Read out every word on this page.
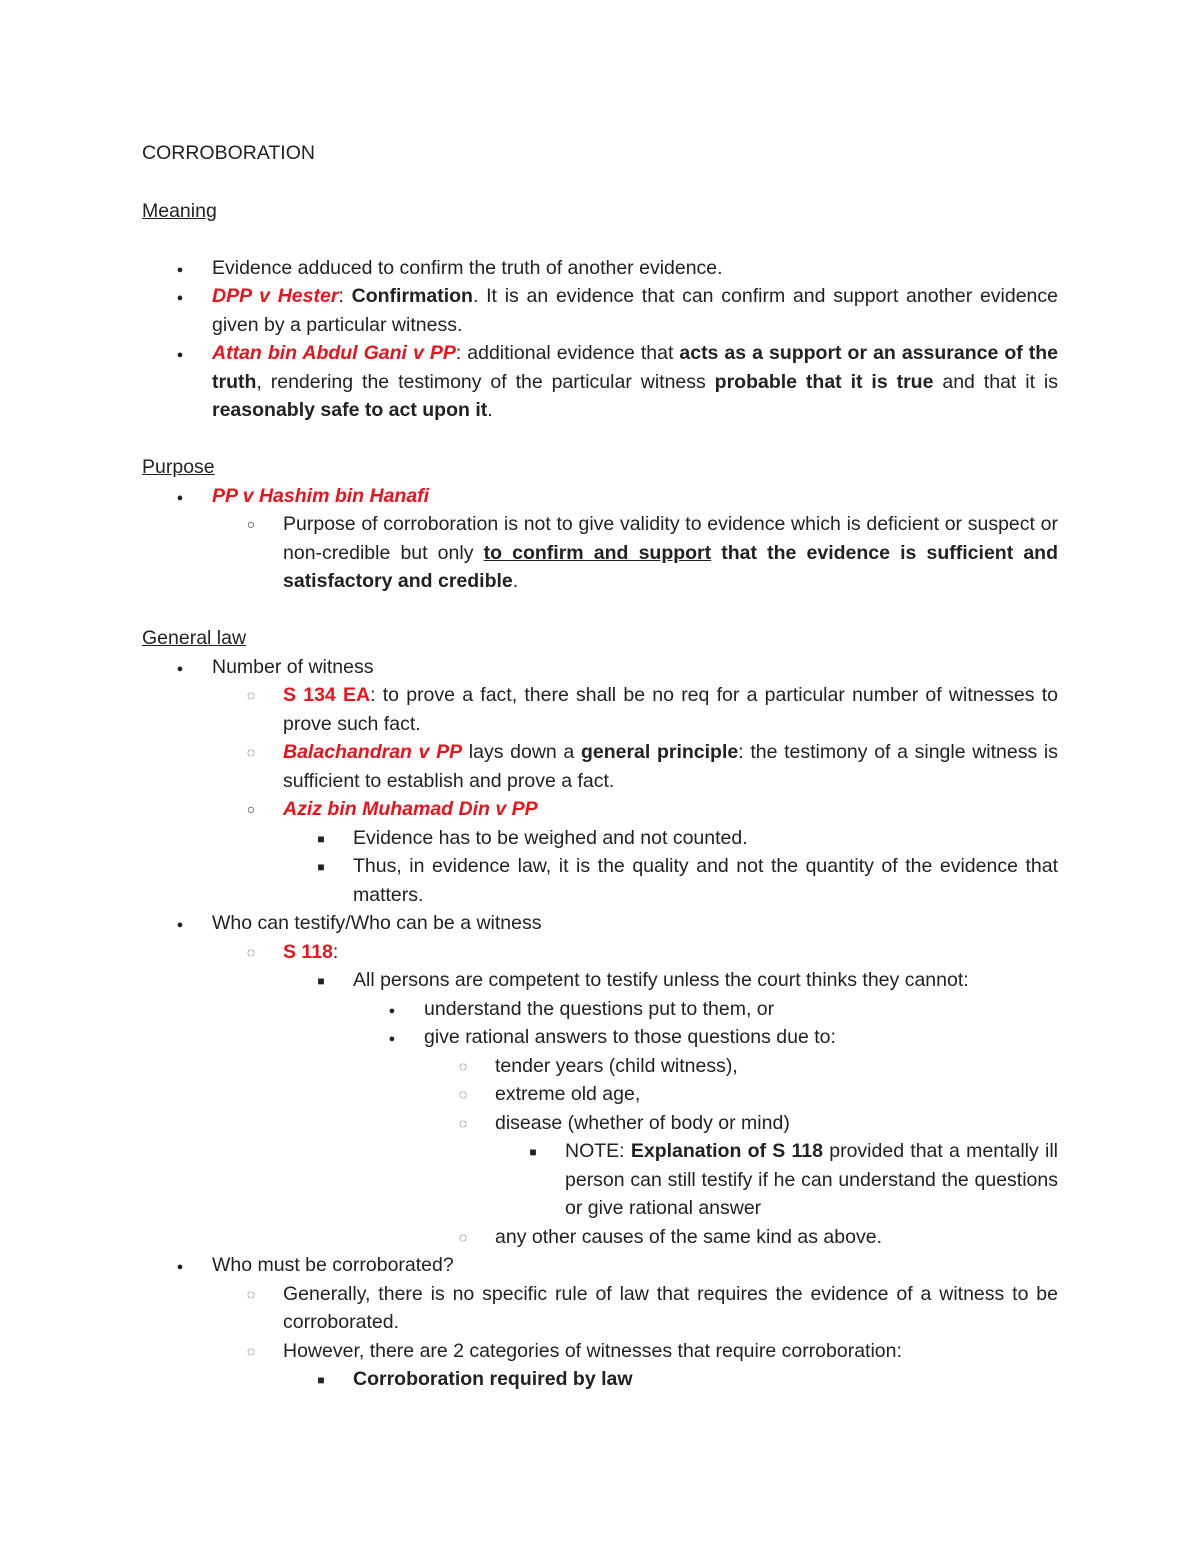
CORROBORATION

Meaning

●
Evidence adduced to confirm the truth of another evidence.
●
DPP v Hester: Confirmation. It is an evidence that can confirm and support another evidence given by a particular witness.
●
Attan bin Abdul Gani v PP: additional evidence that acts as a support or an assurance of the truth, rendering the testimony of the particular witness probable that it is true and that it is reasonably safe to act upon it.

Purpose

●
PP v Hashim bin Hanafi
○
Purpose of corroboration is not to give validity to evidence which is deficient or suspect or non-credible but only to confirm and support that the evidence is sufficient and satisfactory and credible.

General law

●
Number of witness
◌
S 134 EA: to prove a fact, there shall be no req for a particular number of witnesses to prove such fact.
◌
Balachandran v PP lays down a general principle: the testimony of a single witness is sufficient to establish and prove a fact.
○
Aziz bin Muhamad Din v PP
■
Evidence has to be weighed and not counted.
■
Thus, in evidence law, it is the quality and not the quantity of the evidence that matters.
●
Who can testify/Who can be a witness
◌
S 118:
■
All persons are competent to testify unless the court thinks they cannot:
●
understand the questions put to them, or
●
give rational answers to those questions due to:
◌
tender years (child witness),
◌
extreme old age,
◌
disease (whether of body or mind)
■
NOTE: Explanation of S 118 provided that a mentally ill person can still testify if he can understand the questions or give rational answer
◌
any other causes of the same kind as above.
●
Who must be corroborated?
◌
Generally, there is no specific rule of law that requires the evidence of a witness to be corroborated.
◌
However, there are 2 categories of witnesses that require corroboration:
■
Corroboration required by law
